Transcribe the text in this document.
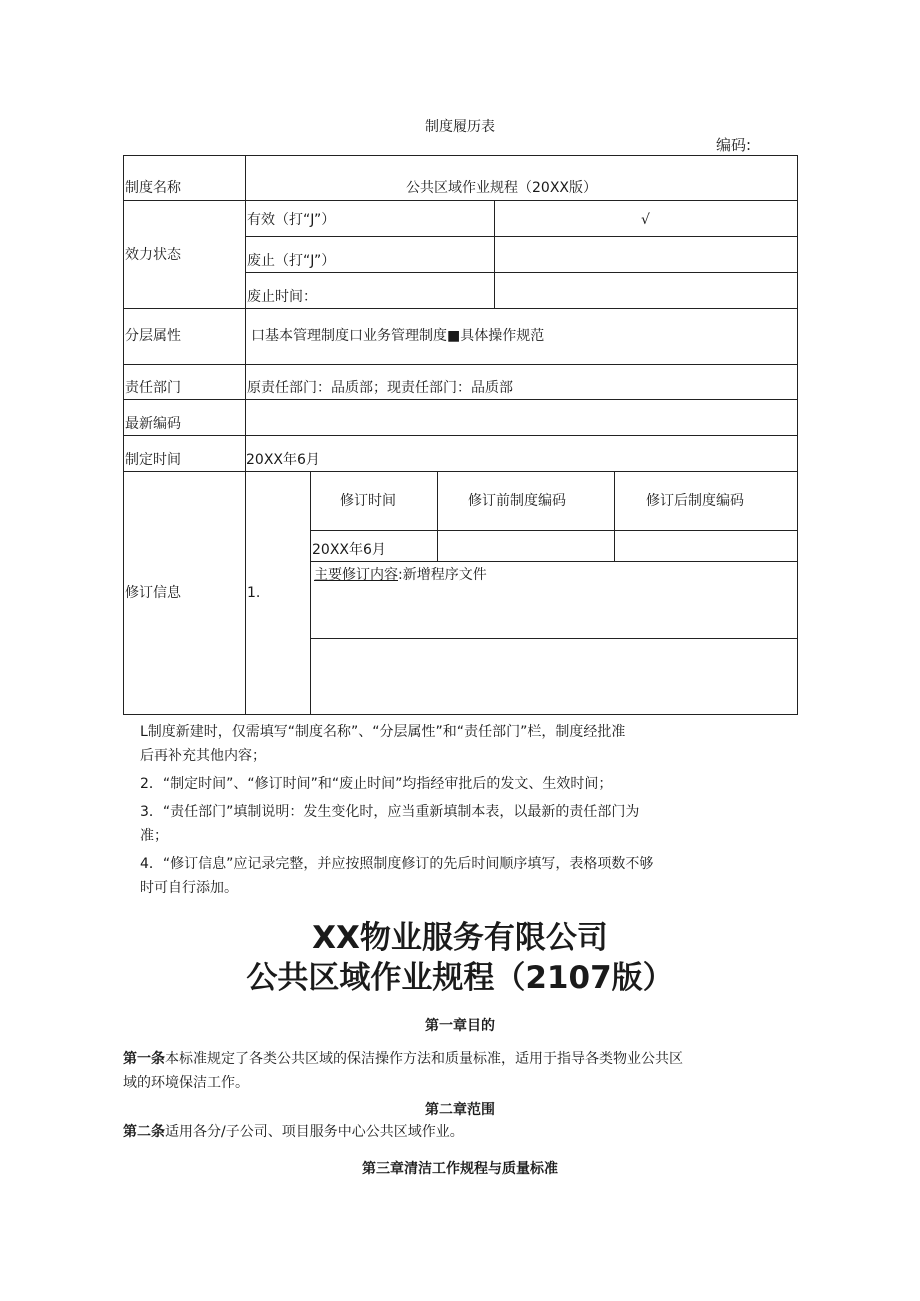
制度履历表
编码:
制度名称	公共区域作业规程（20XX版）
效力状态
有效（打“J”）	√
废止（打“J”）
废止时间：
分层属性	口基本管理制度口业务管理制度■具体操作规范
责任部门	原责任部门：品质部；现责任部门：品质部
最新编码
制定时间	20XX年6月
修订信息	1.
修订时间	修订前制度编码	修订后制度编码
20XX年6月
主要修订内容:新增程序文件

L制度新建时，仅需填写“制度名称”、“分层属性”和“责任部门”栏，制度经批准
后再补充其他内容；

2．“制定时间”、“修订时间”和“废止时间”均指经审批后的发文、生效时间；

3．“责任部门”填制说明：发生变化时，应当重新填制本表，以最新的责任部门为
准；

4．“修订信息”应记录完整，并应按照制度修订的先后时间顺序填写，表格项数不够
时可自行添加。

XX物业服务有限公司
公共区域作业规程（2107版）
第一章目的
第一条本标准规定了各类公共区域的保洁操作方法和质量标准，适用于指导各类物业公共区
域的环境保洁工作。
第二章范围
第二条适用各分/子公司、项目服务中心公共区域作业。
第三章清洁工作规程与质量标准
